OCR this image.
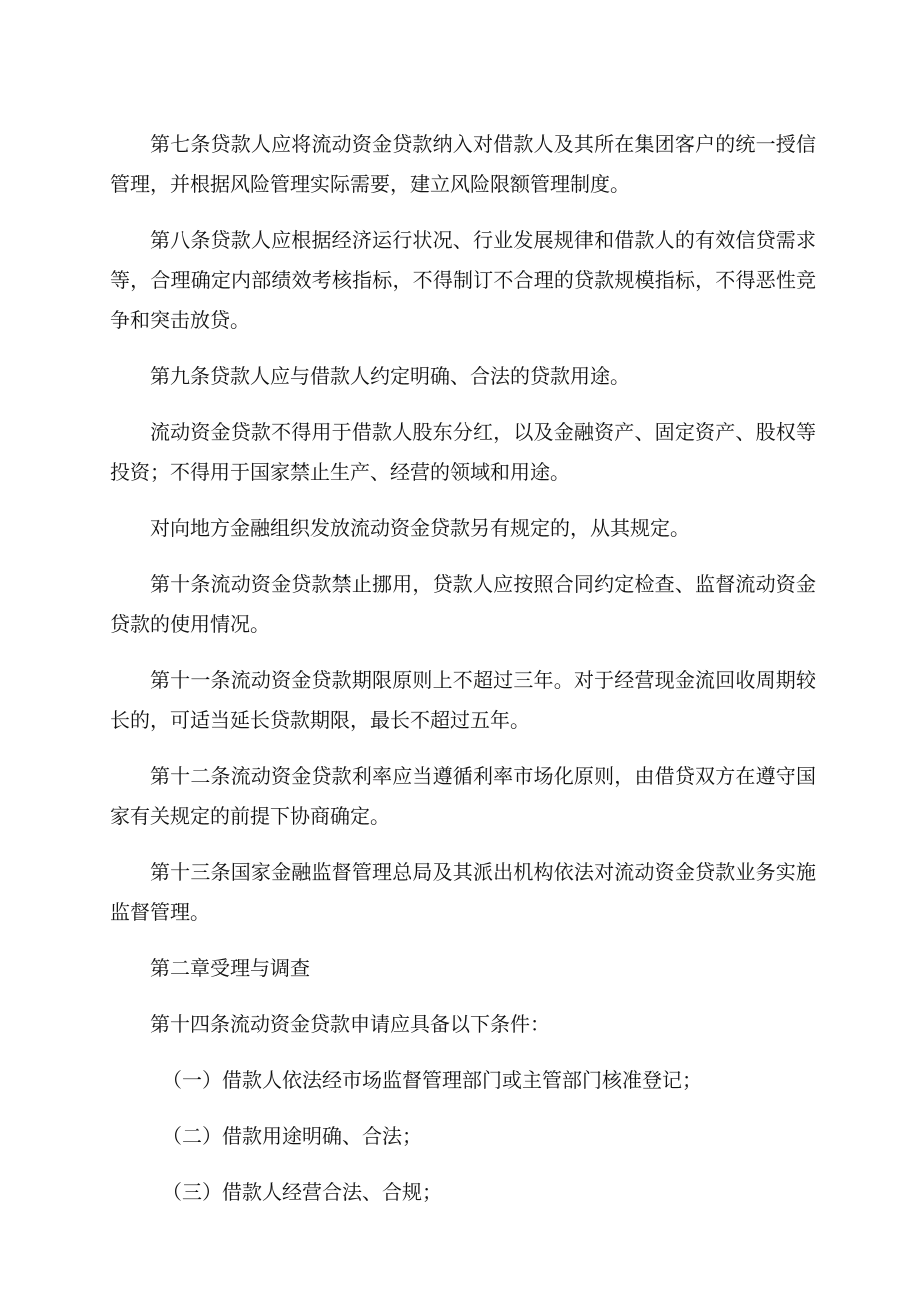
第七条贷款人应将流动资金贷款纳入对借款人及其所在集团客户的统一授信管理，并根据风险管理实际需要，建立风险限额管理制度。

第八条贷款人应根据经济运行状况、行业发展规律和借款人的有效信贷需求等，合理确定内部绩效考核指标，不得制订不合理的贷款规模指标，不得恶性竞争和突击放贷。

第九条贷款人应与借款人约定明确、合法的贷款用途。

流动资金贷款不得用于借款人股东分红，以及金融资产、固定资产、股权等投资；不得用于国家禁止生产、经营的领域和用途。

对向地方金融组织发放流动资金贷款另有规定的，从其规定。

第十条流动资金贷款禁止挪用，贷款人应按照合同约定检查、监督流动资金贷款的使用情况。

第十一条流动资金贷款期限原则上不超过三年。对于经营现金流回收周期较长的，可适当延长贷款期限，最长不超过五年。

第十二条流动资金贷款利率应当遵循利率市场化原则，由借贷双方在遵守国家有关规定的前提下协商确定。

第十三条国家金融监督管理总局及其派出机构依法对流动资金贷款业务实施监督管理。

第二章受理与调查

第十四条流动资金贷款申请应具备以下条件：

（一）借款人依法经市场监督管理部门或主管部门核准登记；

（二）借款用途明确、合法；

（三）借款人经营合法、合规；
